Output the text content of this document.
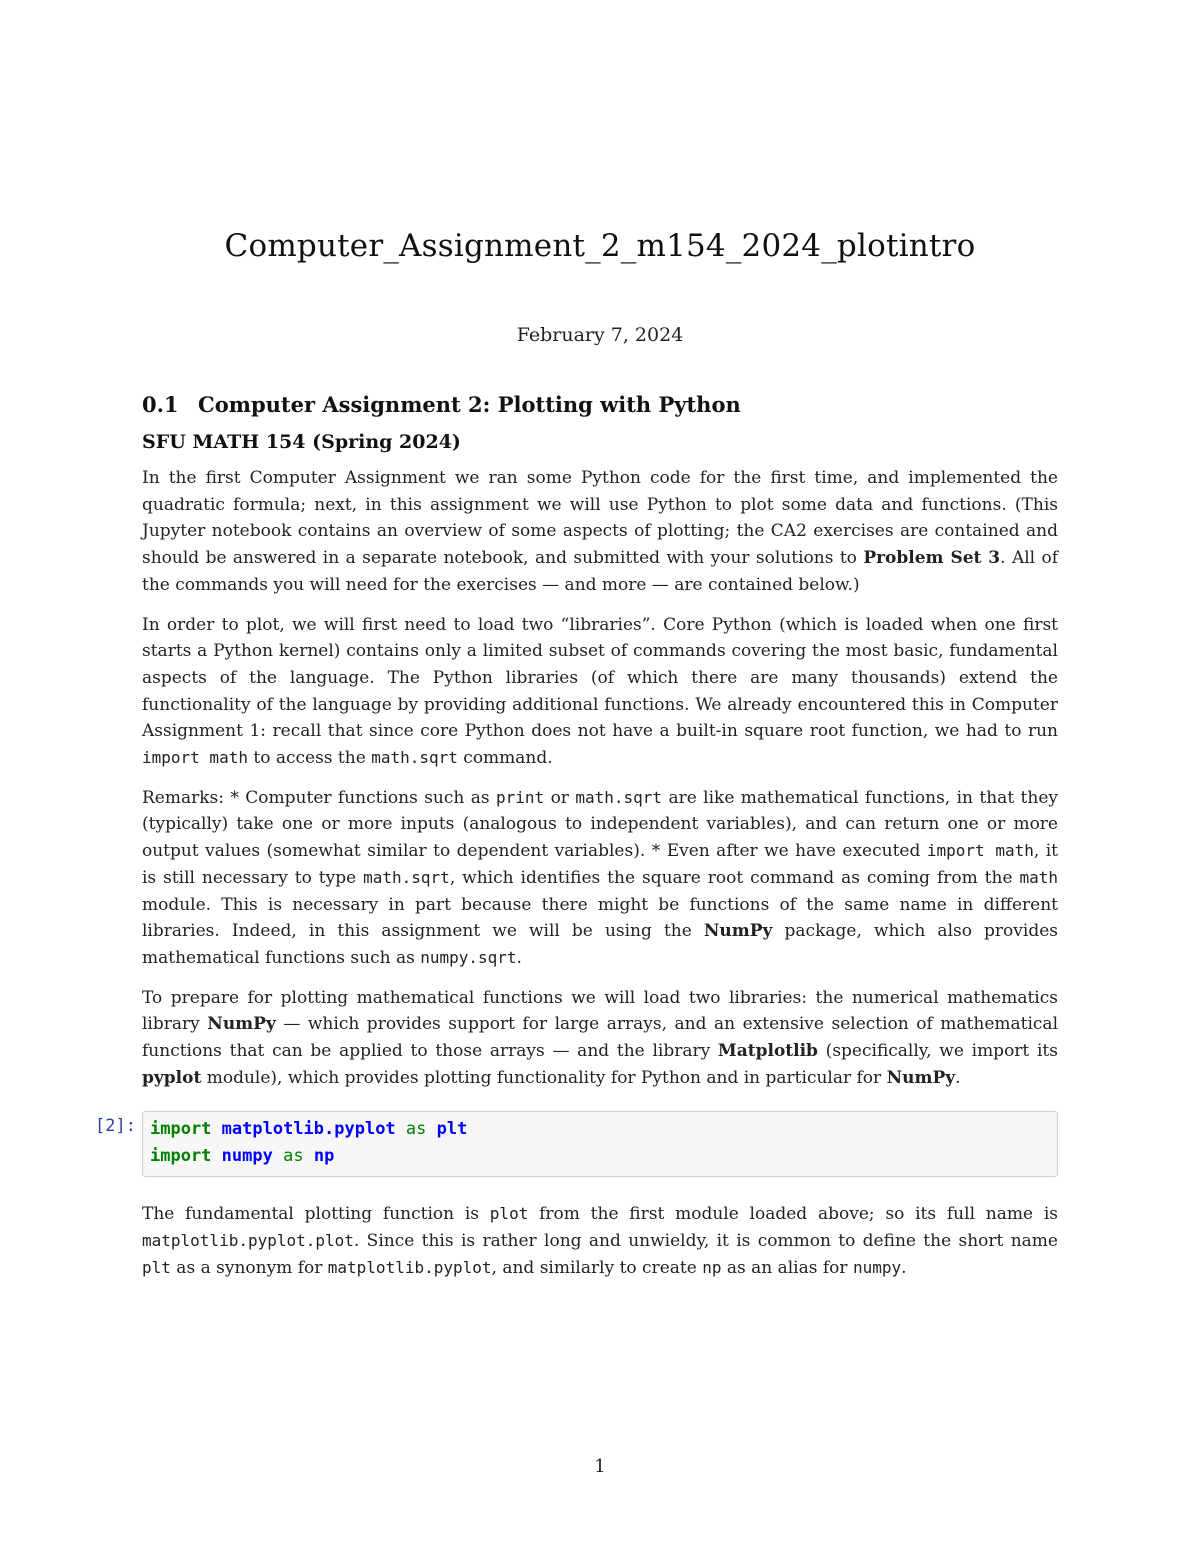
Computer_Assignment_2_m154_2024_plotintro
February 7, 2024
0.1 Computer Assignment 2: Plotting with Python
SFU MATH 154 (Spring 2024)

In the first Computer Assignment we ran some Python code for the first time, and implemented the quadratic formula; next, in this assignment we will use Python to plot some data and functions. (This Jupyter notebook contains an overview of some aspects of plotting; the CA2 exercises are contained and should be answered in a separate notebook, and submitted with your solutions to Problem Set 3. All of the commands you will need for the exercises — and more — are contained below.)

In order to plot, we will first need to load two “libraries”. Core Python (which is loaded when one first starts a Python kernel) contains only a limited subset of commands covering the most basic, fundamental aspects of the language. The Python libraries (of which there are many thousands) extend the functionality of the language by providing additional functions. We already encountered this in Computer Assignment 1: recall that since core Python does not have a built-in square root function, we had to run import math to access the math.sqrt command.

Remarks: * Computer functions such as print or math.sqrt are like mathematical functions, in that they (typically) take one or more inputs (analogous to independent variables), and can return one or more output values (somewhat similar to dependent variables). * Even after we have executed import math, it is still necessary to type math.sqrt, which identifies the square root command as coming from the math module. This is necessary in part because there might be functions of the same name in different libraries. Indeed, in this assignment we will be using the NumPy package, which also provides mathematical functions such as numpy.sqrt.

To prepare for plotting mathematical functions we will load two libraries: the numerical mathematics library NumPy — which provides support for large arrays, and an extensive selection of mathematical functions that can be applied to those arrays — and the library Matplotlib (specifically, we import its pyplot module), which provides plotting functionality for Python and in particular for NumPy.

[2]: import matplotlib.pyplot as plt
import numpy as np

The fundamental plotting function is plot from the first module loaded above; so its full name is matplotlib.pyplot.plot. Since this is rather long and unwieldy, it is common to define the short name plt as a synonym for matplotlib.pyplot, and similarly to create np as an alias for numpy.

1
